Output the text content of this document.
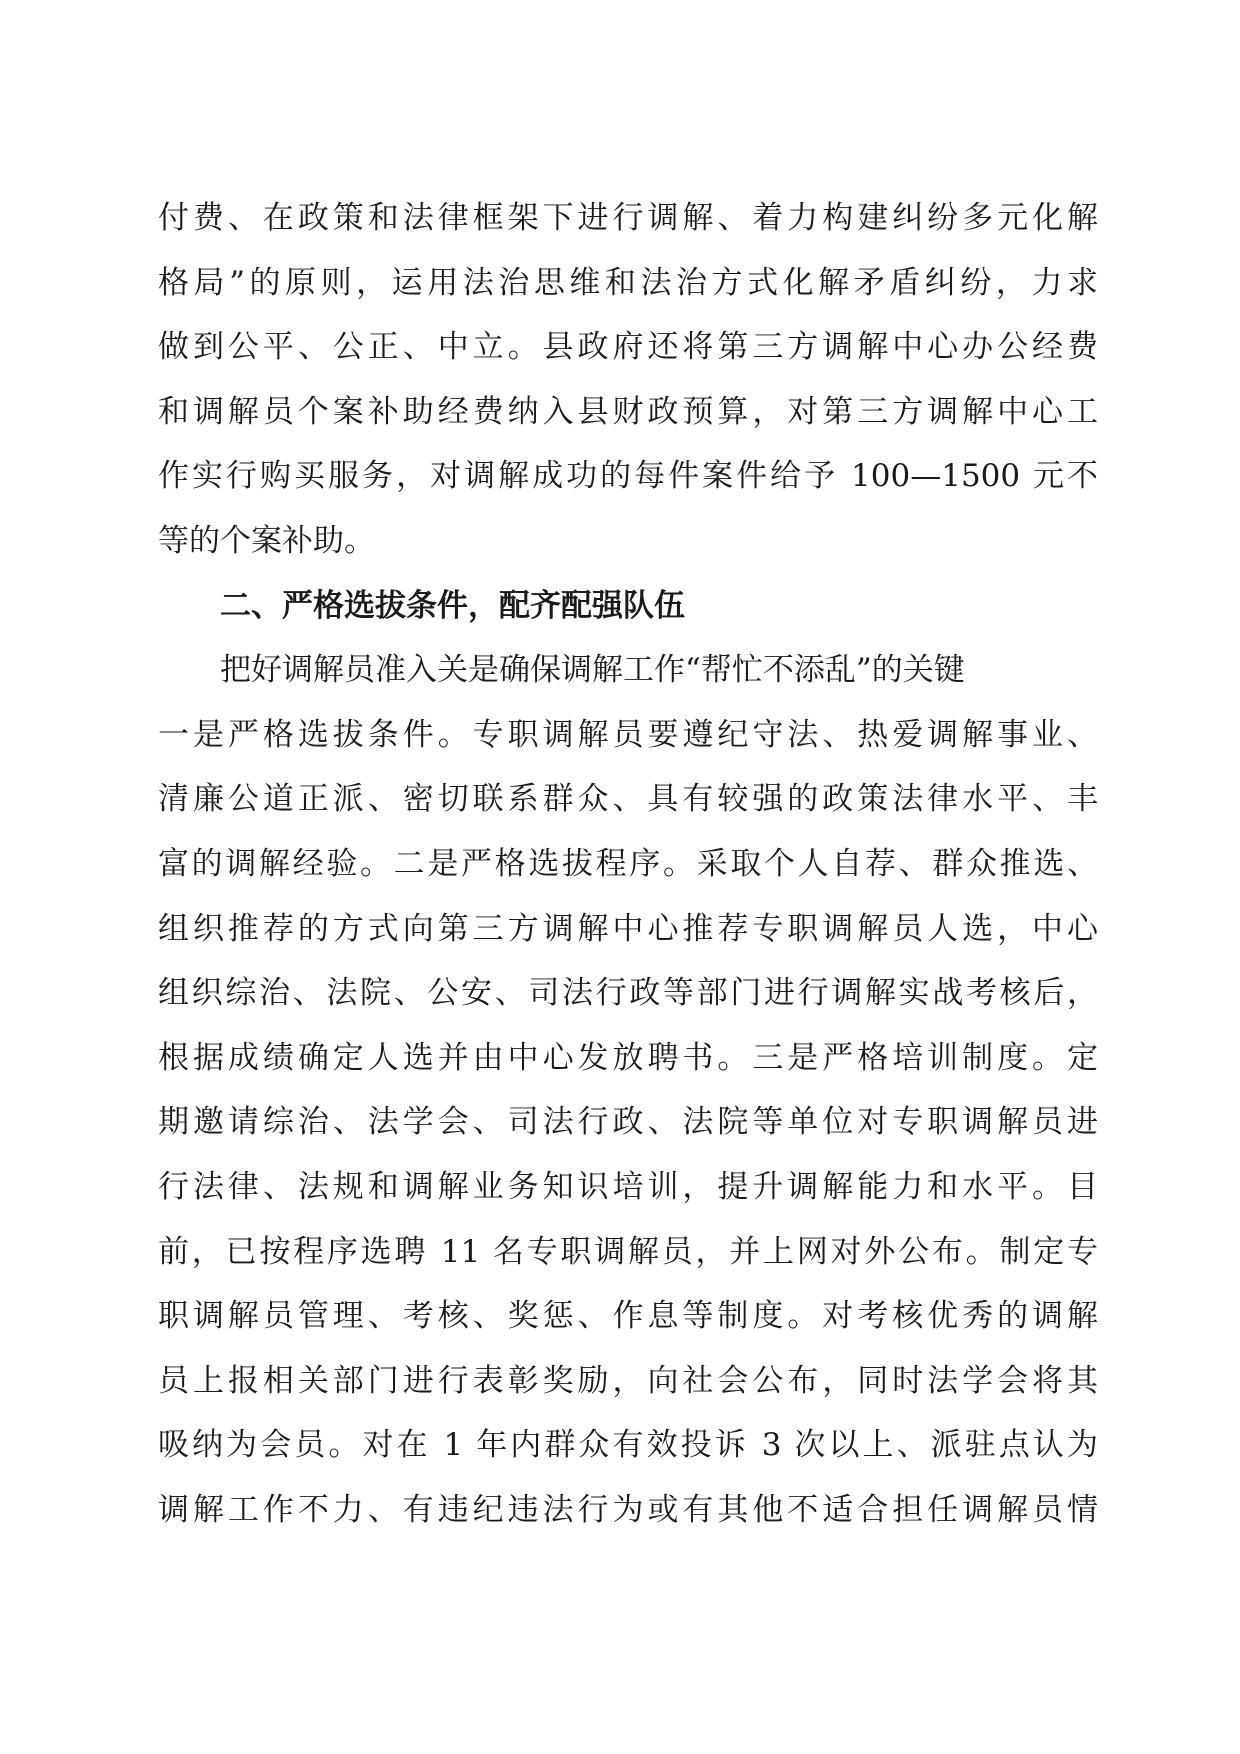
付费、在政策和法律框架下进行调解、着力构建纠纷多元化解
格局”的原则，运用法治思维和法治方式化解矛盾纠纷，力求
做到公平、公正、中立。县政府还将第三方调解中心办公经费
和调解员个案补助经费纳入县财政预算，对第三方调解中心工
作实行购买服务，对调解成功的每件案件给予 100—1500 元不
等的个案补助。
二、严格选拔条件，配齐配强队伍
把好调解员准入关是确保调解工作“帮忙不添乱”的关键
一是严格选拔条件。专职调解员要遵纪守法、热爱调解事业、
清廉公道正派、密切联系群众、具有较强的政策法律水平、丰
富的调解经验。二是严格选拔程序。采取个人自荐、群众推选、
组织推荐的方式向第三方调解中心推荐专职调解员人选，中心
组织综治、法院、公安、司法行政等部门进行调解实战考核后，
根据成绩确定人选并由中心发放聘书。三是严格培训制度。定
期邀请综治、法学会、司法行政、法院等单位对专职调解员进
行法律、法规和调解业务知识培训，提升调解能力和水平。目
前，已按程序选聘 11 名专职调解员，并上网对外公布。制定专
职调解员管理、考核、奖惩、作息等制度。对考核优秀的调解
员上报相关部门进行表彰奖励，向社会公布，同时法学会将其
吸纳为会员。对在 1 年内群众有效投诉 3 次以上、派驻点认为
调解工作不力、有违纪违法行为或有其他不适合担任调解员情
